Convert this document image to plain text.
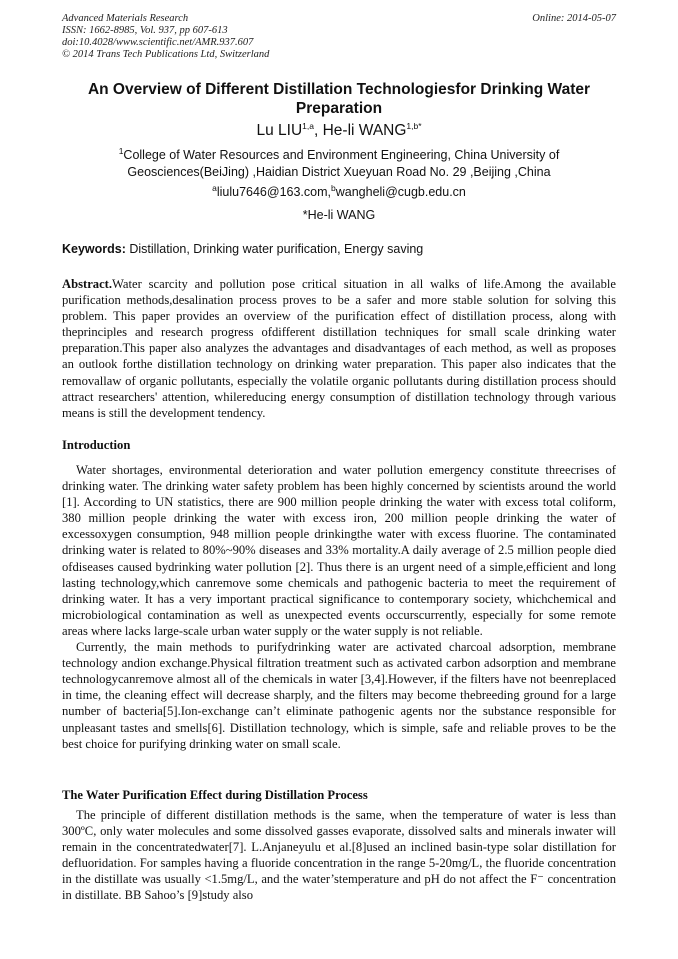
Advanced Materials Research
ISSN: 1662-8985, Vol. 937, pp 607-613
doi:10.4028/www.scientific.net/AMR.937.607
© 2014 Trans Tech Publications Ltd, Switzerland
Online: 2014-05-07
An Overview of Different Distillation Technologiesfor Drinking Water Preparation
Lu LIU$^{1,a}$, He-li $WANG^{1,b*}$
$^1$College of Water Resources and Environment Engineering, China University of Geosciences(BeiJing) ,Haidian District Xueyuan Road No. 29 ,Beijing ,China
$^a$liulu7646@163.com,$^b$wangheli@cugb.edu.cn
*He-li WANG
Keywords: Distillation, Drinking water purification, Energy saving
Abstract.Water scarcity and pollution pose critical situation in all walks of life.Among the available purification methods,desalination process proves to be a safer and more stable solution for solving this problem. This paper provides an overview of the purification effect of distillation process, along with theprinciples and research progress ofdifferent distillation techniques for small scale drinking water preparation.This paper also analyzes the advantages and disadvantages of each method, as well as proposes an outlook forthe distillation technology on drinking water preparation. This paper also indicates that the removallaw of organic pollutants, especially the volatile organic pollutants during distillation process should attract researchers' attention, whilereducing energy consumption of distillation technology through various means is still the development tendency.
Introduction

Water shortages, environmental deterioration and water pollution emergency constitute threecrises of drinking water. The drinking water safety problem has been highly concerned by scientists around the world [1]. According to UN statistics, there are 900 million people drinking the water with excess total coliform, 380 million people drinking the water with excess iron, 200 million people drinking the water of excessoxygen consumption, 948 million people drinkingthe water with excess fluorine. The contaminated drinking water is related to 80%~90% diseases and 33% mortality.A daily average of 2.5 million people died ofdiseases caused bydrinking water pollution [2]. Thus there is an urgent need of a simple,efficient and long lasting technology,which canremove some chemicals and pathogenic bacteria to meet the requirement of drinking water. It has a very important practical significance to contemporary society, whichchemical and microbiological contamination as well as unexpected events occurscurrently, especially for some remote areas where lacks large-scale urban water supply or the water supply is not reliable.

Currently, the main methods to purifydrinking water are activated charcoal adsorption, membrane technology andion exchange.Physical filtration treatment such as activated carbon adsorption and membrane technologycanremove almost all of the chemicals in water [3,4].However, if the filters have not beenreplaced in time, the cleaning effect will decrease sharply, and the filters may become thebreeding ground for a large number of bacteria[5].Ion-exchange can’t eliminate pathogenic agents nor the substance responsible for unpleasant tastes and smells[6]. Distillation technology, which is simple, safe and reliable proves to be the best choice for purifying drinking water on small scale.

The Water Purification Effect during Distillation Process

The principle of different distillation methods is the same, when the temperature of water is less than 300ºC, only water molecules and some dissolved gasses evaporate, dissolved salts and minerals inwater will remain in the concentratedwater[7]. L.Anjaneyulu et al.[8]used an inclined basin-type solar distillation for defluoridation. For samples having a fluoride concentration in the range 5-20mg/L, the fluoride concentration in the distillate was usually <1.5mg/L, and the water’stemperature and pH do not affect the F⁻ concentration in distillate. BB Sahoo’s [9]study also
